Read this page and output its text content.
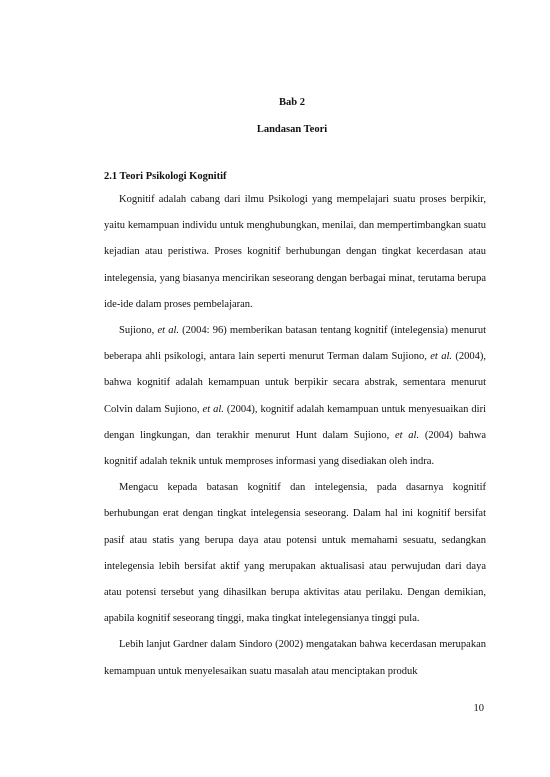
Bab 2
Landasan Teori
2.1 Teori Psikologi Kognitif

Kognitif adalah cabang dari ilmu Psikologi yang mempelajari suatu proses berpikir, yaitu kemampuan individu untuk menghubungkan, menilai, dan mempertimbangkan suatu kejadian atau peristiwa. Proses kognitif berhubungan dengan tingkat kecerdasan atau intelegensia, yang biasanya mencirikan seseorang dengan berbagai minat, terutama berupa ide-ide dalam proses pembelajaran.

Sujiono, et al. (2004: 96) memberikan batasan tentang kognitif (intelegensia) menurut beberapa ahli psikologi, antara lain seperti menurut Terman dalam Sujiono, et al. (2004), bahwa kognitif adalah kemampuan untuk berpikir secara abstrak, sementara menurut Colvin dalam Sujiono, et al. (2004), kognitif adalah kemampuan untuk menyesuaikan diri dengan lingkungan, dan terakhir menurut Hunt dalam Sujiono, et al. (2004) bahwa kognitif adalah teknik untuk memproses informasi yang disediakan oleh indra.

Mengacu kepada batasan kognitif dan intelegensia, pada dasarnya kognitif berhubungan erat dengan tingkat intelegensia seseorang. Dalam hal ini kognitif bersifat pasif atau statis yang berupa daya atau potensi untuk memahami sesuatu, sedangkan intelegensia lebih bersifat aktif yang merupakan aktualisasi atau perwujudan dari daya atau potensi tersebut yang dihasilkan berupa aktivitas atau perilaku. Dengan demikian, apabila kognitif seseorang tinggi, maka tingkat intelegensianya tinggi pula.

Lebih lanjut Gardner dalam Sindoro (2002) mengatakan bahwa kecerdasan merupakan kemampuan untuk menyelesaikan suatu masalah atau menciptakan produk

10
